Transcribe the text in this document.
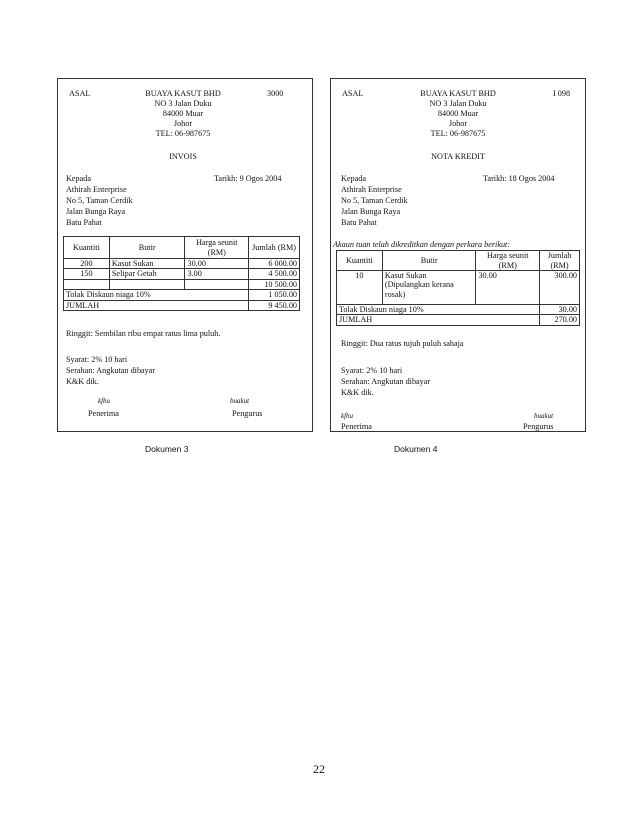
ASAL	BUAYA KASUT BHD	3000
NO 3 Jalan Duku
84000 Muar
Johor
TEL: 06-987675
INVOIS
Kepada	Tarikh: 9 Ogos 2004
Athirah Enterprise
No 5, Taman Cerdik
Jalan Bunga Raya
Batu Pahat
Kuantiti	Butir	Harga seunit (RM)	Jumlah (RM)
200	Kasut Sukan	30.00	6 000.00
150	Selipar Getah	3.00	4 500.00
			10 500.00
Tolak Diskaun niaga 10%			1 050.00
JUMLAH			9 450.00
Ringgit: Sembilan ribu empat ratus lima puluh.
Syarat: 2% 10 hari
Serahan: Angkutan dibayar
K&K dik.
kfhu	buakut
Penerima	Pengurus
ASAL	BUAYA KASUT BHD	I 098
NO 3 Jalan Duku
84000 Muar
Johor
TEL: 06-987675
NOTA KREDIT
Kepada	Tarikh: 18 Ogos 2004
Athirah Enterprise
No 5, Taman Cerdik
Jalan Bunga Raya
Batu Pahat
Akaun tuan telah dikreditkan dengan perkara berikut:
Kuantiti	Butir	Harga seunit (RM)	Jumlah (RM)
10	Kasut Sukan (Dipulangkan kerana rosak)	30.00	300.00
Tolak Diskaun niaga 10%			30.00
JUMLAH			270.00
Ringgit: Dua ratus tujuh puluh sahaja
Syarat: 2% 10 hari
Serahan: Angkutan dibayar
K&K dik.
kfhu	buakut
Penerima	Pengurus
Dokumen 3	Dokumen 4
22
